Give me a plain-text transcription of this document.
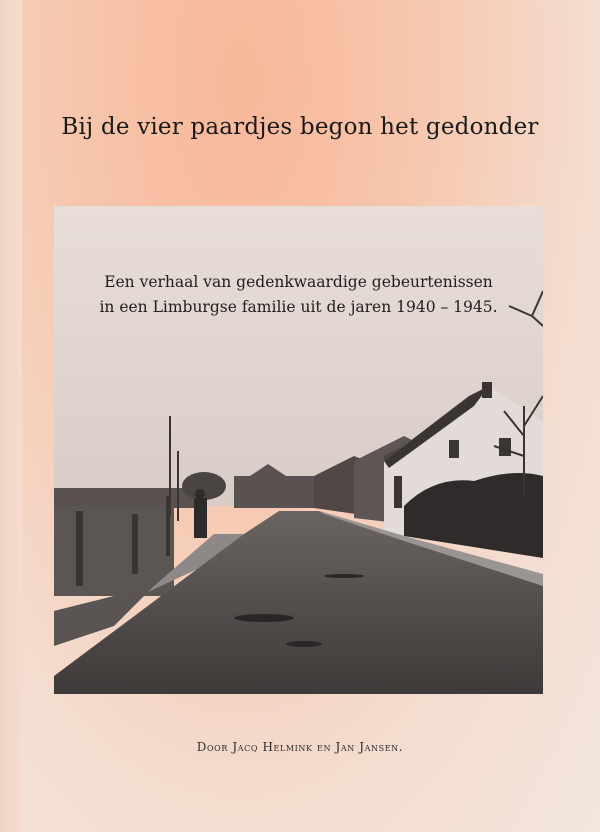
Bij de vier paardjes begon het gedonder
Een verhaal van gedenkwaardige gebeurtenissen
in een Limburgse familie uit de jaren 1940 – 1945.
Door Jacq Helmink en Jan Jansen.
